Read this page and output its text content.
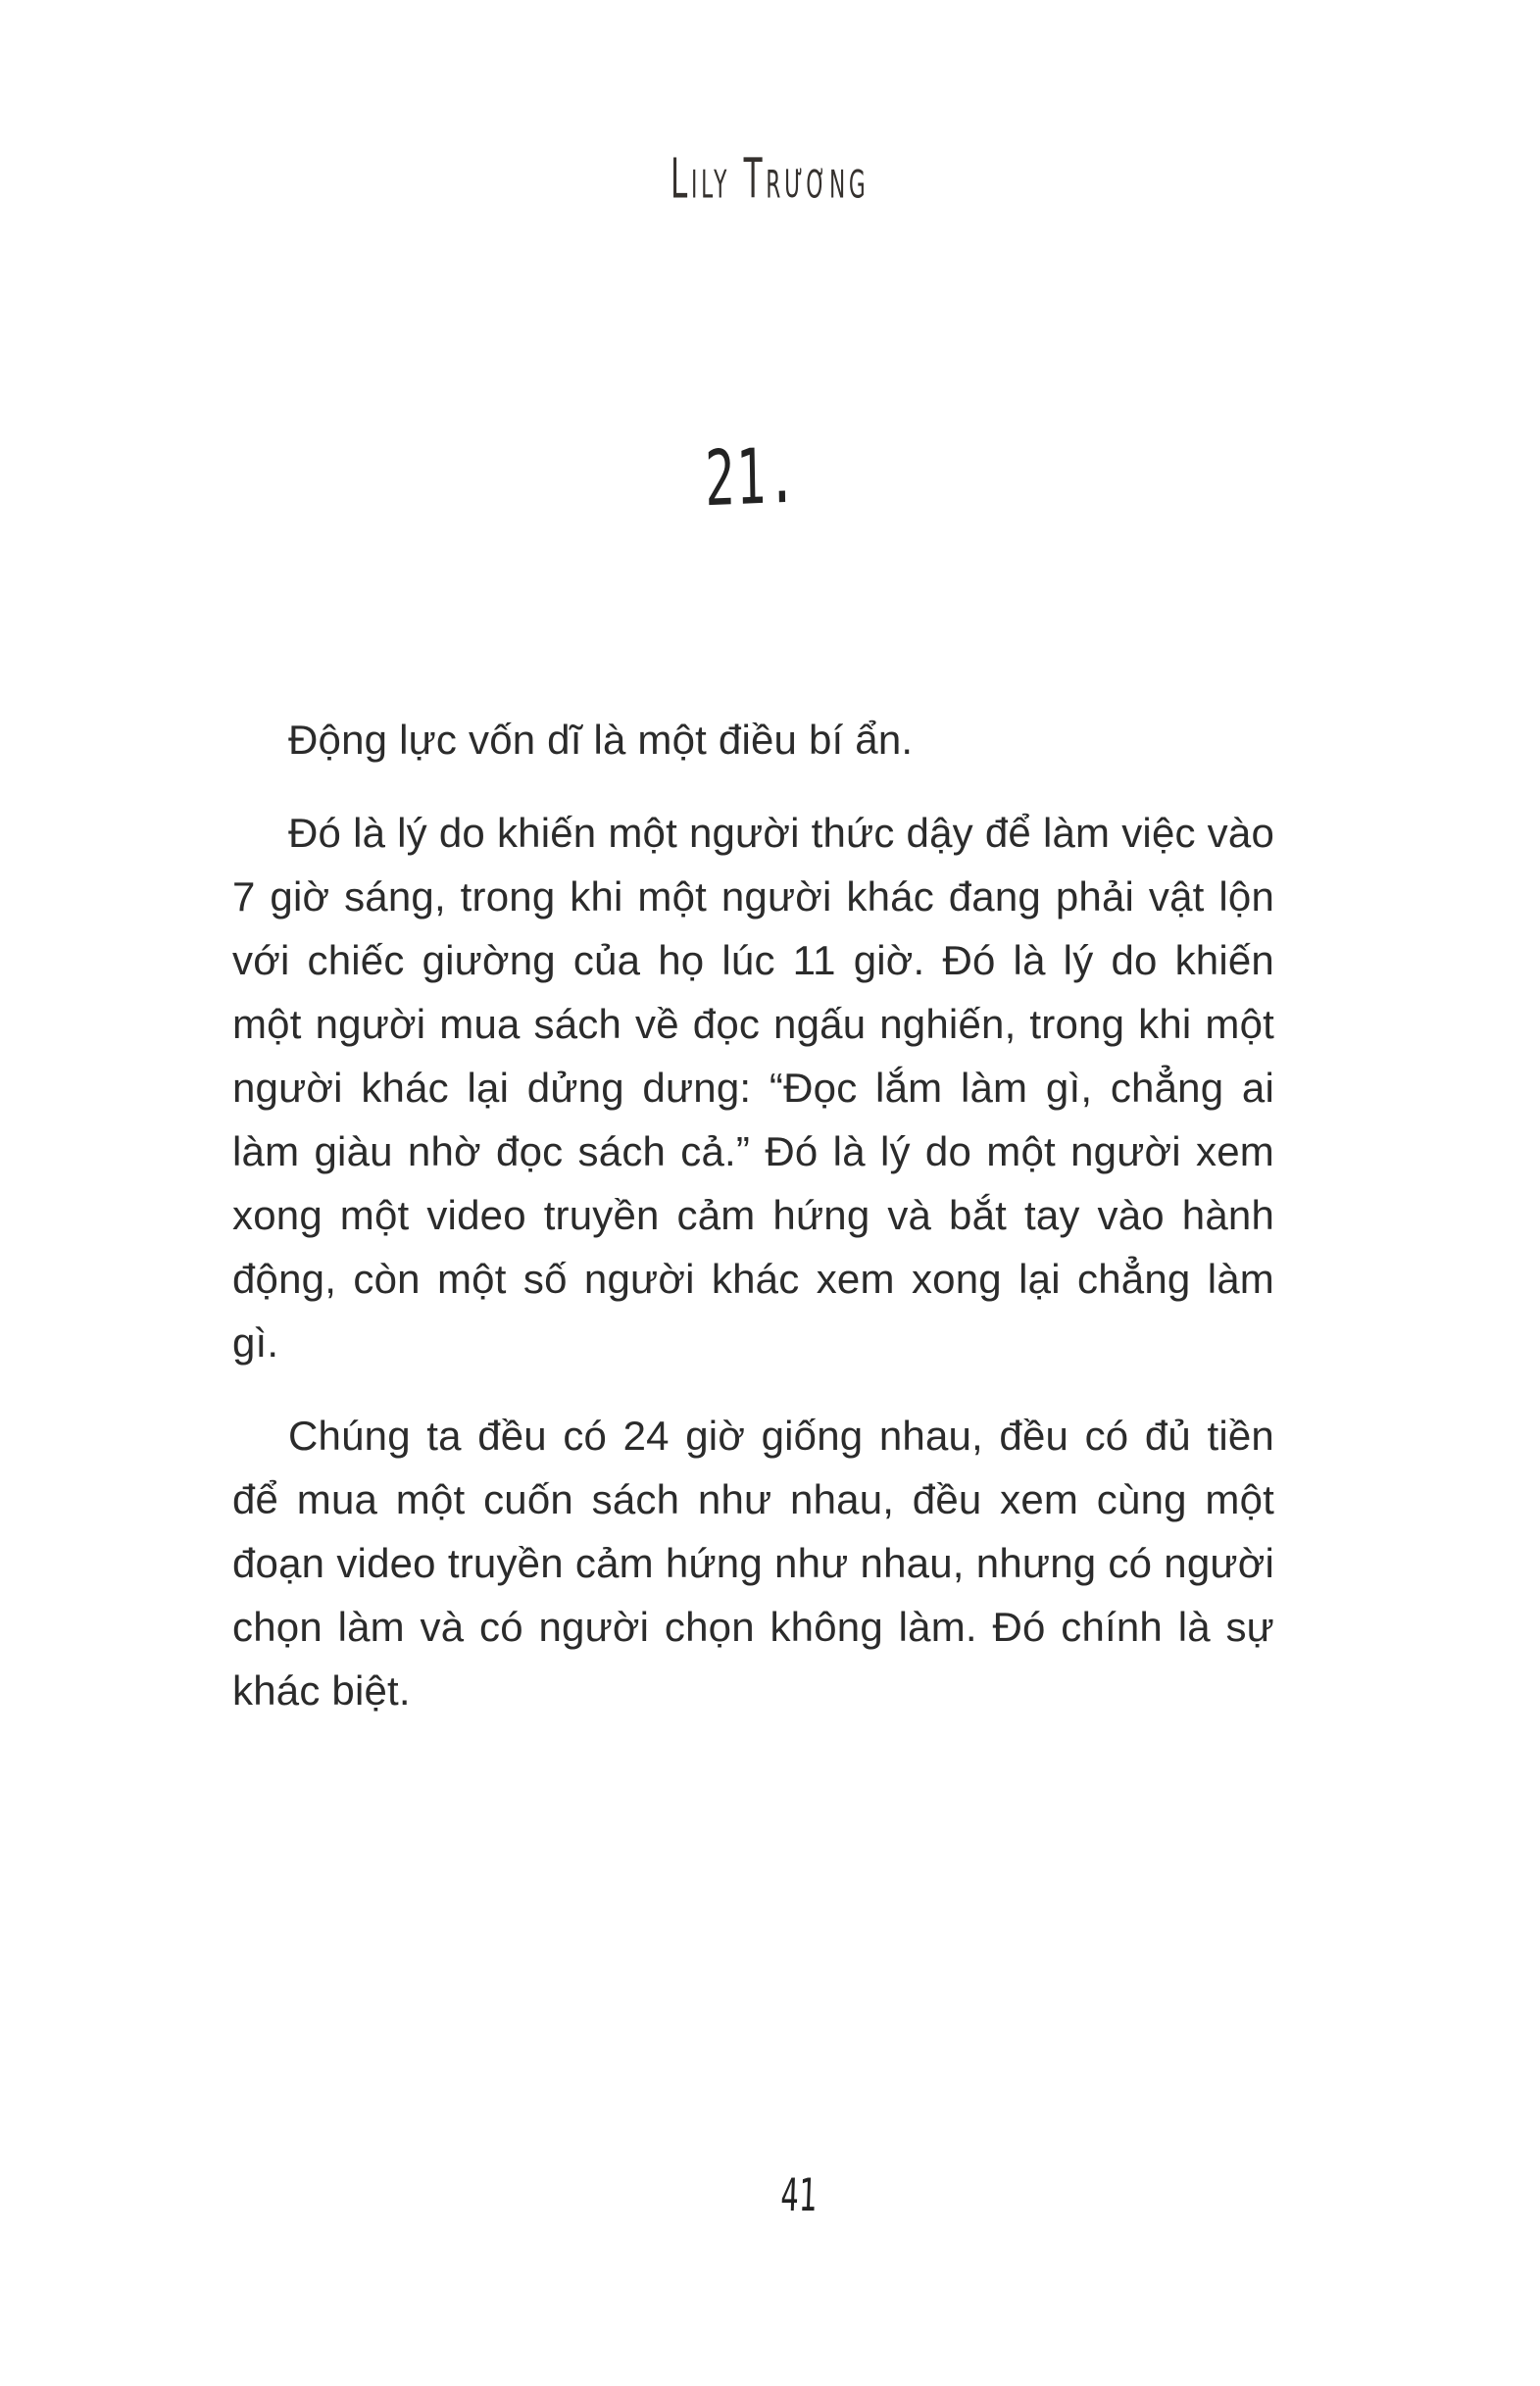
Lily Trương
21.

Động lực vốn dĩ là một điều bí ẩn.

Đó là lý do khiến một người thức dậy để làm việc vào 7 giờ sáng, trong khi một người khác đang phải vật lộn với chiếc giường của họ lúc 11 giờ. Đó là lý do khiến một người mua sách về đọc ngấu nghiến, trong khi một người khác lại dửng dưng: “Đọc lắm làm gì, chẳng ai làm giàu nhờ đọc sách cả.” Đó là lý do một người xem xong một video truyền cảm hứng và bắt tay vào hành động, còn một số người khác xem xong lại chẳng làm gì.

Chúng ta đều có 24 giờ giống nhau, đều có đủ tiền để mua một cuốn sách như nhau, đều xem cùng một đoạn video truyền cảm hứng như nhau, nhưng có người chọn làm và có người chọn không làm. Đó chính là sự khác biệt.

41
